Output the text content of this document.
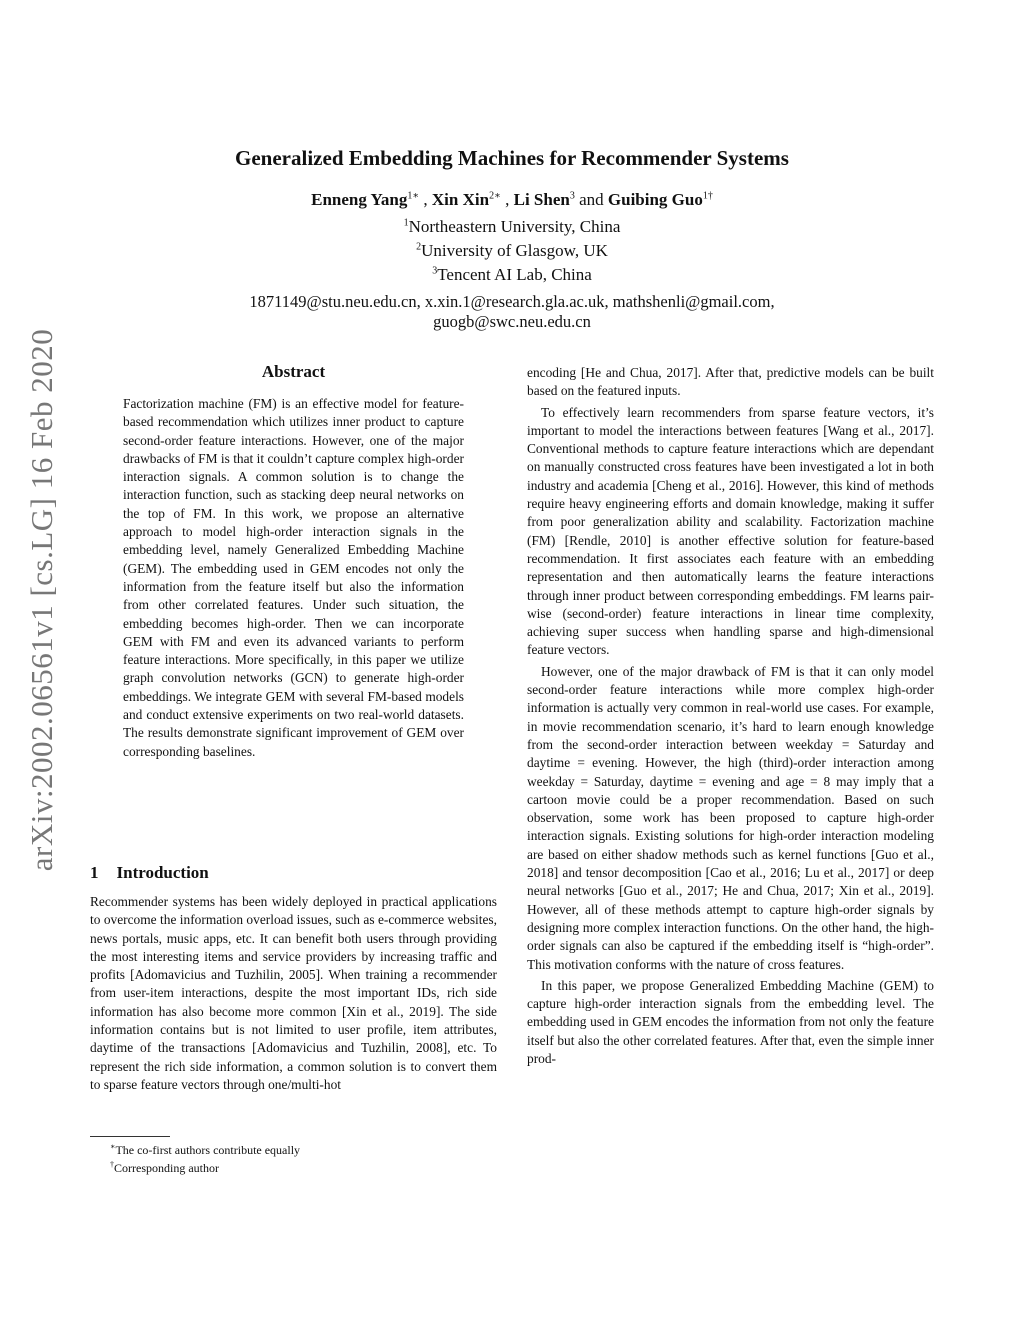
arXiv:2002.06561v1 [cs.LG] 16 Feb 2020
Generalized Embedding Machines for Recommender Systems
Enneng Yang$^{1∗}$ , Xin Xin$^{2∗}$ , Li Shen$^3$ and Guibing Guo$^{1\dagger}$
$^1$Northeastern University, China
$^2$University of Glasgow, UK
$^3$Tencent AI Lab, China
1871149@stu.neu.edu.cn, x.xin.1@research.gla.ac.uk, mathshenli@gmail.com,
guogb@swc.neu.edu.cn
Abstract

Factorization machine (FM) is an effective model for feature-based recommendation which utilizes inner product to capture second-order feature interactions. However, one of the major drawbacks of FM is that it couldn’t capture complex high-order interaction signals. A common solution is to change the interaction function, such as stacking deep neural networks on the top of FM. In this work, we propose an alternative approach to model high-order interaction signals in the embedding level, namely Generalized Embedding Machine (GEM). The embedding used in GEM encodes not only the information from the feature itself but also the information from other correlated features. Under such situation, the embedding becomes high-order. Then we can incorporate GEM with FM and even its advanced variants to perform feature interactions. More specifically, in this paper we utilize graph convolution networks (GCN) to generate high-order embeddings. We integrate GEM with several FM-based models and conduct extensive experiments on two real-world datasets. The results demonstrate significant improvement of GEM over corresponding baselines.

1 Introduction

Recommender systems has been widely deployed in practical applications to overcome the information overload issues, such as e-commerce websites, news portals, music apps, etc. It can benefit both users through providing the most interesting items and service providers by increasing traffic and profits [Adomavicius and Tuzhilin, 2005]. When training a recommender from user-item interactions, despite the most important IDs, rich side information has also become more common [Xin et al., 2019]. The side information contains but is not limited to user profile, item attributes, daytime of the transactions [Adomavicius and Tuzhilin, 2008], etc. To represent the rich side information, a common solution is to convert them to sparse feature vectors through one/multi-hot

∗The co-first authors contribute equally
†Corresponding author

encoding [He and Chua, 2017]. After that, predictive models can be built based on the featured inputs.

To effectively learn recommenders from sparse feature vectors, it’s important to model the interactions between features [Wang et al., 2017]. Conventional methods to capture feature interactions which are dependant on manually constructed cross features have been investigated a lot in both industry and academia [Cheng et al., 2016]. However, this kind of methods require heavy engineering efforts and domain knowledge, making it suffer from poor generalization ability and scalability. Factorization machine (FM) [Rendle, 2010] is another effective solution for feature-based recommendation. It first associates each feature with an embedding representation and then automatically learns the feature interactions through inner product between corresponding embeddings. FM learns pair-wise (second-order) feature interactions in linear time complexity, achieving super success when handling sparse and high-dimensional feature vectors.

However, one of the major drawback of FM is that it can only model second-order feature interactions while more complex high-order information is actually very common in real-world use cases. For example, in movie recommendation scenario, it’s hard to learn enough knowledge from the second-order interaction between weekday = Saturday and daytime = evening. However, the high (third)-order interaction among weekday = Saturday, daytime = evening and age = 8 may imply that a cartoon movie could be a proper recommendation. Based on such observation, some work has been proposed to capture high-order interaction signals. Existing solutions for high-order interaction modeling are based on either shadow methods such as kernel functions [Guo et al., 2018] and tensor decomposition [Cao et al., 2016; Lu et al., 2017] or deep neural networks [Guo et al., 2017; He and Chua, 2017; Xin et al., 2019]. However, all of these methods attempt to capture high-order signals by designing more complex interaction functions. On the other hand, the high-order signals can also be captured if the embedding itself is “high-order”. This motivation conforms with the nature of cross features.

In this paper, we propose Generalized Embedding Machine (GEM) to capture high-order interaction signals from the embedding level. The embedding used in GEM encodes the information from not only the feature itself but also the other correlated features. After that, even the simple inner prod-
